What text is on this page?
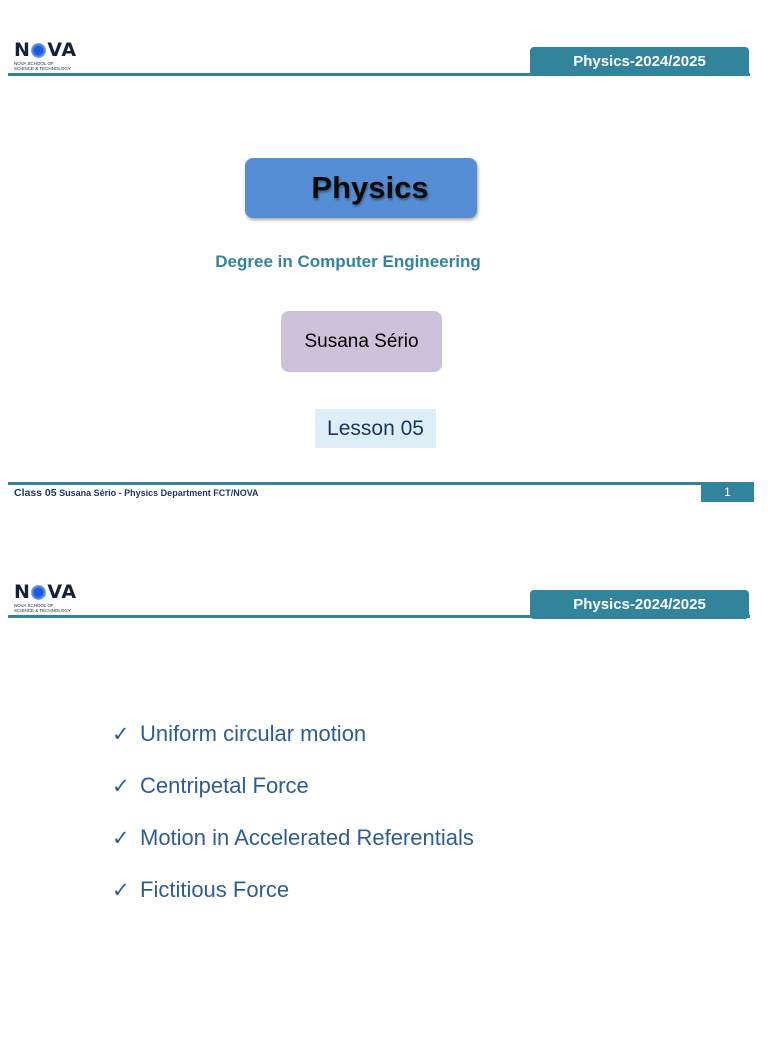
N VA
NOVA SCHOOL OF
SCIENCE & TECHNOLOGY	Physics-2024/2025
Physics
Degree in Computer Engineering
Susana Sério
Lesson 05
Class 05 Susana Sério - Physics Department FCT/NOVA	1
N VA
NOVA SCHOOL OF
SCIENCE & TECHNOLOGY	Physics-2024/2025
✓ Uniform circular motion
✓ Centripetal Force
✓ Motion in Accelerated Referentials
✓ Fictitious Force
